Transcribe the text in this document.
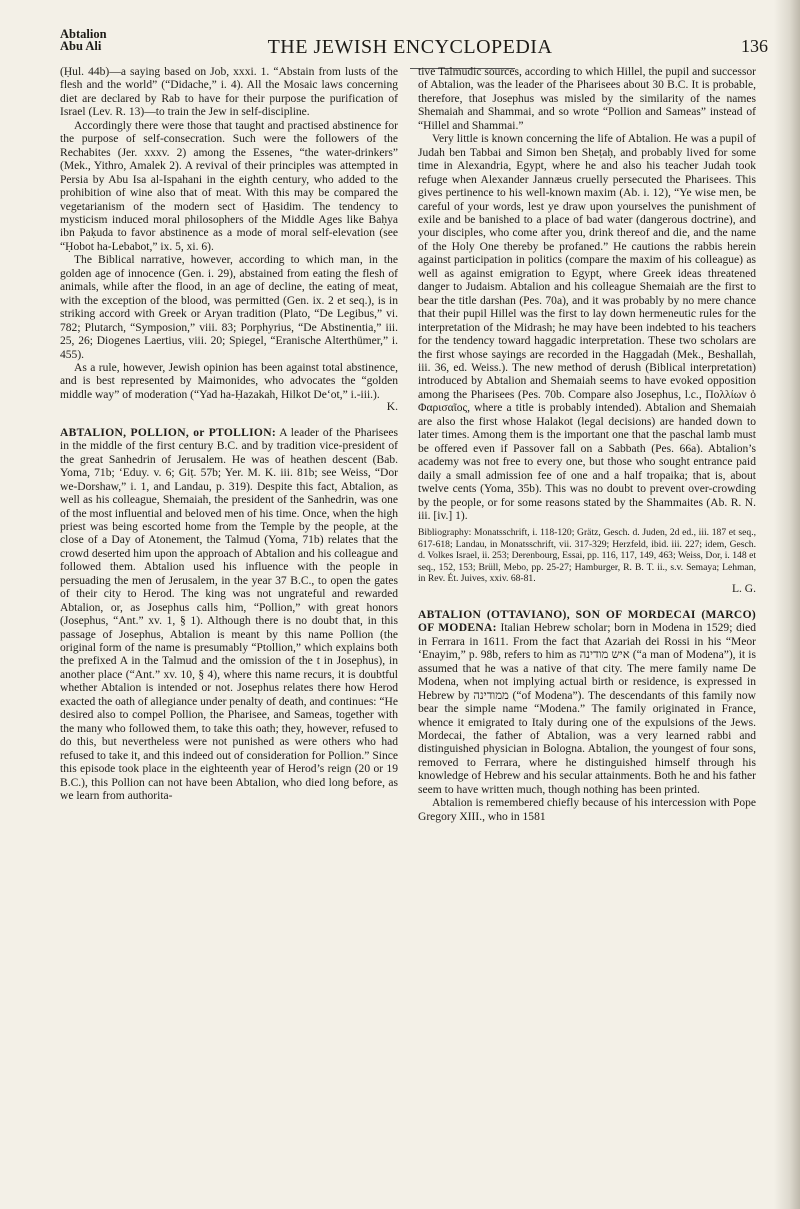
Abtalion
Abu Ali	THE JEWISH ENCYCLOPEDIA	136

(Ḥul. 44b)—a saying based on Job, xxxi. 1. “Abstain from lusts of the flesh and the world” (“Didache,” i. 4). All the Mosaic laws concerning diet are declared by Rab to have for their purpose the purification of Israel (Lev. R. 13)—to train the Jew in self-discipline.

Accordingly there were those that taught and practised abstinence for the purpose of self-consecration. Such were the followers of the Rechabites (Jer. xxxv. 2) among the Essenes, “the water-drinkers” (Mek., Yithro, Amalek 2). A revival of their principles was attempted in Persia by Abu Isa al-Ispahani in the eighth century, who added to the prohibition of wine also that of meat. With this may be compared the vegetarianism of the modern sect of Ḥasidim. The tendency to mysticism induced moral philosophers of the Middle Ages like Baḥya ibn Paḳuda to favor abstinence as a mode of moral self-elevation (see “Ḥobot ha-Lebabot,” ix. 5, xi. 6).

The Biblical narrative, however, according to which man, in the golden age of innocence (Gen. i. 29), abstained from eating the flesh of animals, while after the flood, in an age of decline, the eating of meat, with the exception of the blood, was permitted (Gen. ix. 2 et seq.), is in striking accord with Greek or Aryan tradition (Plato, “De Legibus,” vi. 782; Plutarch, “Symposion,” viii. 83; Porphyrius, “De Abstinentia,” iii. 25, 26; Diogenes Laertius, viii. 20; Spiegel, “Eranische Alterthümer,” i. 455).

As a rule, however, Jewish opinion has been against total abstinence, and is best represented by Maimonides, who advocates the “golden middle way” of moderation (“Yad ha-Ḥazakah, Hilkot De‘ot,” i.-iii.).

K.

ABTALION, POLLION, or PTOLLION: A leader of the Pharisees in the middle of the first century B.C. and by tradition vice-president of the great Sanhedrin of Jerusalem. He was of heathen descent (Bab. Yoma, 71b; ‘Eduy. v. 6; Giṭ. 57b; Yer. M. K. iii. 81b; see Weiss, “Dor we-Dorshaw,” i. 1, and Landau, p. 319). Despite this fact, Abtalion, as well as his colleague, Shemaiah, the president of the Sanhedrin, was one of the most influential and beloved men of his time. Once, when the high priest was being escorted home from the Temple by the people, at the close of a Day of Atonement, the Talmud (Yoma, 71b) relates that the crowd deserted him upon the approach of Abtalion and his colleague and followed them. Abtalion used his influence with the people in persuading the men of Jerusalem, in the year 37 B.C., to open the gates of their city to Herod. The king was not ungrateful and rewarded Abtalion, or, as Josephus calls him, “Pollion,” with great honors (Josephus, “Ant.” xv. 1, § 1). Although there is no doubt that, in this passage of Josephus, Abtalion is meant by this name Pollion (the original form of the name is presumably “Ptollion,” which explains both the prefixed A in the Talmud and the omission of the t in Josephus), in another place (“Ant.” xv. 10, § 4), where this name recurs, it is doubtful whether Abtalion is intended or not. Josephus relates there how Herod exacted the oath of allegiance under penalty of death, and continues: “He desired also to compel Pollion, the Pharisee, and Sameas, together with the many who followed them, to take this oath; they, however, refused to do this, but nevertheless were not punished as were others who had refused to take it, and this indeed out of consideration for Pollion.” Since this episode took place in the eighteenth year of Herod’s reign (20 or 19 B.C.), this Pollion can not have been Abtalion, who died long before, as we learn from authorita-

tive Talmudic sources, according to which Hillel, the pupil and successor of Abtalion, was the leader of the Pharisees about 30 B.C. It is probable, therefore, that Josephus was misled by the similarity of the names Shemaiah and Shammai, and so wrote “Pollion and Sameas” instead of “Hillel and Shammai.”

Very little is known concerning the life of Abtalion. He was a pupil of Judah ben Tabbai and Simon ben Sheṭaḥ, and probably lived for some time in Alexandria, Egypt, where he and also his teacher Judah took refuge when Alexander Jannæus cruelly persecuted the Pharisees. This gives pertinence to his well-known maxim (Ab. i. 12), “Ye wise men, be careful of your words, lest ye draw upon yourselves the punishment of exile and be banished to a place of bad water (dangerous doctrine), and your disciples, who come after you, drink thereof and die, and the name of the Holy One thereby be profaned.” He cautions the rabbis herein against participation in politics (compare the maxim of his colleague) as well as against emigration to Egypt, where Greek ideas threatened danger to Judaism. Abtalion and his colleague Shemaiah are the first to bear the title darshan (Pes. 70a), and it was probably by no mere chance that their pupil Hillel was the first to lay down hermeneutic rules for the interpretation of the Midrash; he may have been indebted to his teachers for the tendency toward haggadic interpretation. These two scholars are the first whose sayings are recorded in the Haggadah (Mek., Beshallah, iii. 36, ed. Weiss.). The new method of derush (Biblical interpretation) introduced by Abtalion and Shemaiah seems to have evoked opposition among the Pharisees (Pes. 70b. Compare also Josephus, l.c., Πολλίων ὁ Φαρισαῖος, where a title is probably intended). Abtalion and Shemaiah are also the first whose Halakot (legal decisions) are handed down to later times. Among them is the important one that the paschal lamb must be offered even if Passover fall on a Sabbath (Pes. 66a). Abtalion’s academy was not free to every one, but those who sought entrance paid daily a small admission fee of one and a half tropaika; that is, about twelve cents (Yoma, 35b). This was no doubt to prevent over-crowding by the people, or for some reasons stated by the Shammaites (Ab. R. N. iii. [iv.] 1).

Bibliography: Monatsschrift, i. 118-120; Grätz, Gesch. d. Juden, 2d ed., iii. 187 et seq., 617-618; Landau, in Monatsschrift, vii. 317-329; Herzfeld, ibid. iii. 227; idem, Gesch. d. Volkes Israel, ii. 253; Derenbourg, Essai, pp. 116, 117, 149, 463; Weiss, Dor, i. 148 et seq., 152, 153; Brüll, Mebo, pp. 25-27; Hamburger, R. B. T. ii., s.v. Semaya; Lehman, in Rev. Ét. Juives, xxiv. 68-81.

L. G.

ABTALION (OTTAVIANO), SON OF MORDECAI (MARCO) OF MODENA: Italian Hebrew scholar; born in Modena in 1529; died in Ferrara in 1611. From the fact that Azariah dei Rossi in his “Meor ‘Enayim,” p. 98b, refers to him as איש מודינה (“a man of Modena”), it is assumed that he was a native of that city. The mere family name De Modena, when not implying actual birth or residence, is expressed in Hebrew by ממודינה (“of Modena”). The descendants of this family now bear the simple name “Modena.” The family originated in France, whence it emigrated to Italy during one of the expulsions of the Jews. Mordecai, the father of Abtalion, was a very learned rabbi and distinguished physician in Bologna. Abtalion, the youngest of four sons, removed to Ferrara, where he distinguished himself through his knowledge of Hebrew and his secular attainments. Both he and his father seem to have written much, though nothing has been printed.

Abtalion is remembered chiefly because of his intercession with Pope Gregory XIII., who in 1581
